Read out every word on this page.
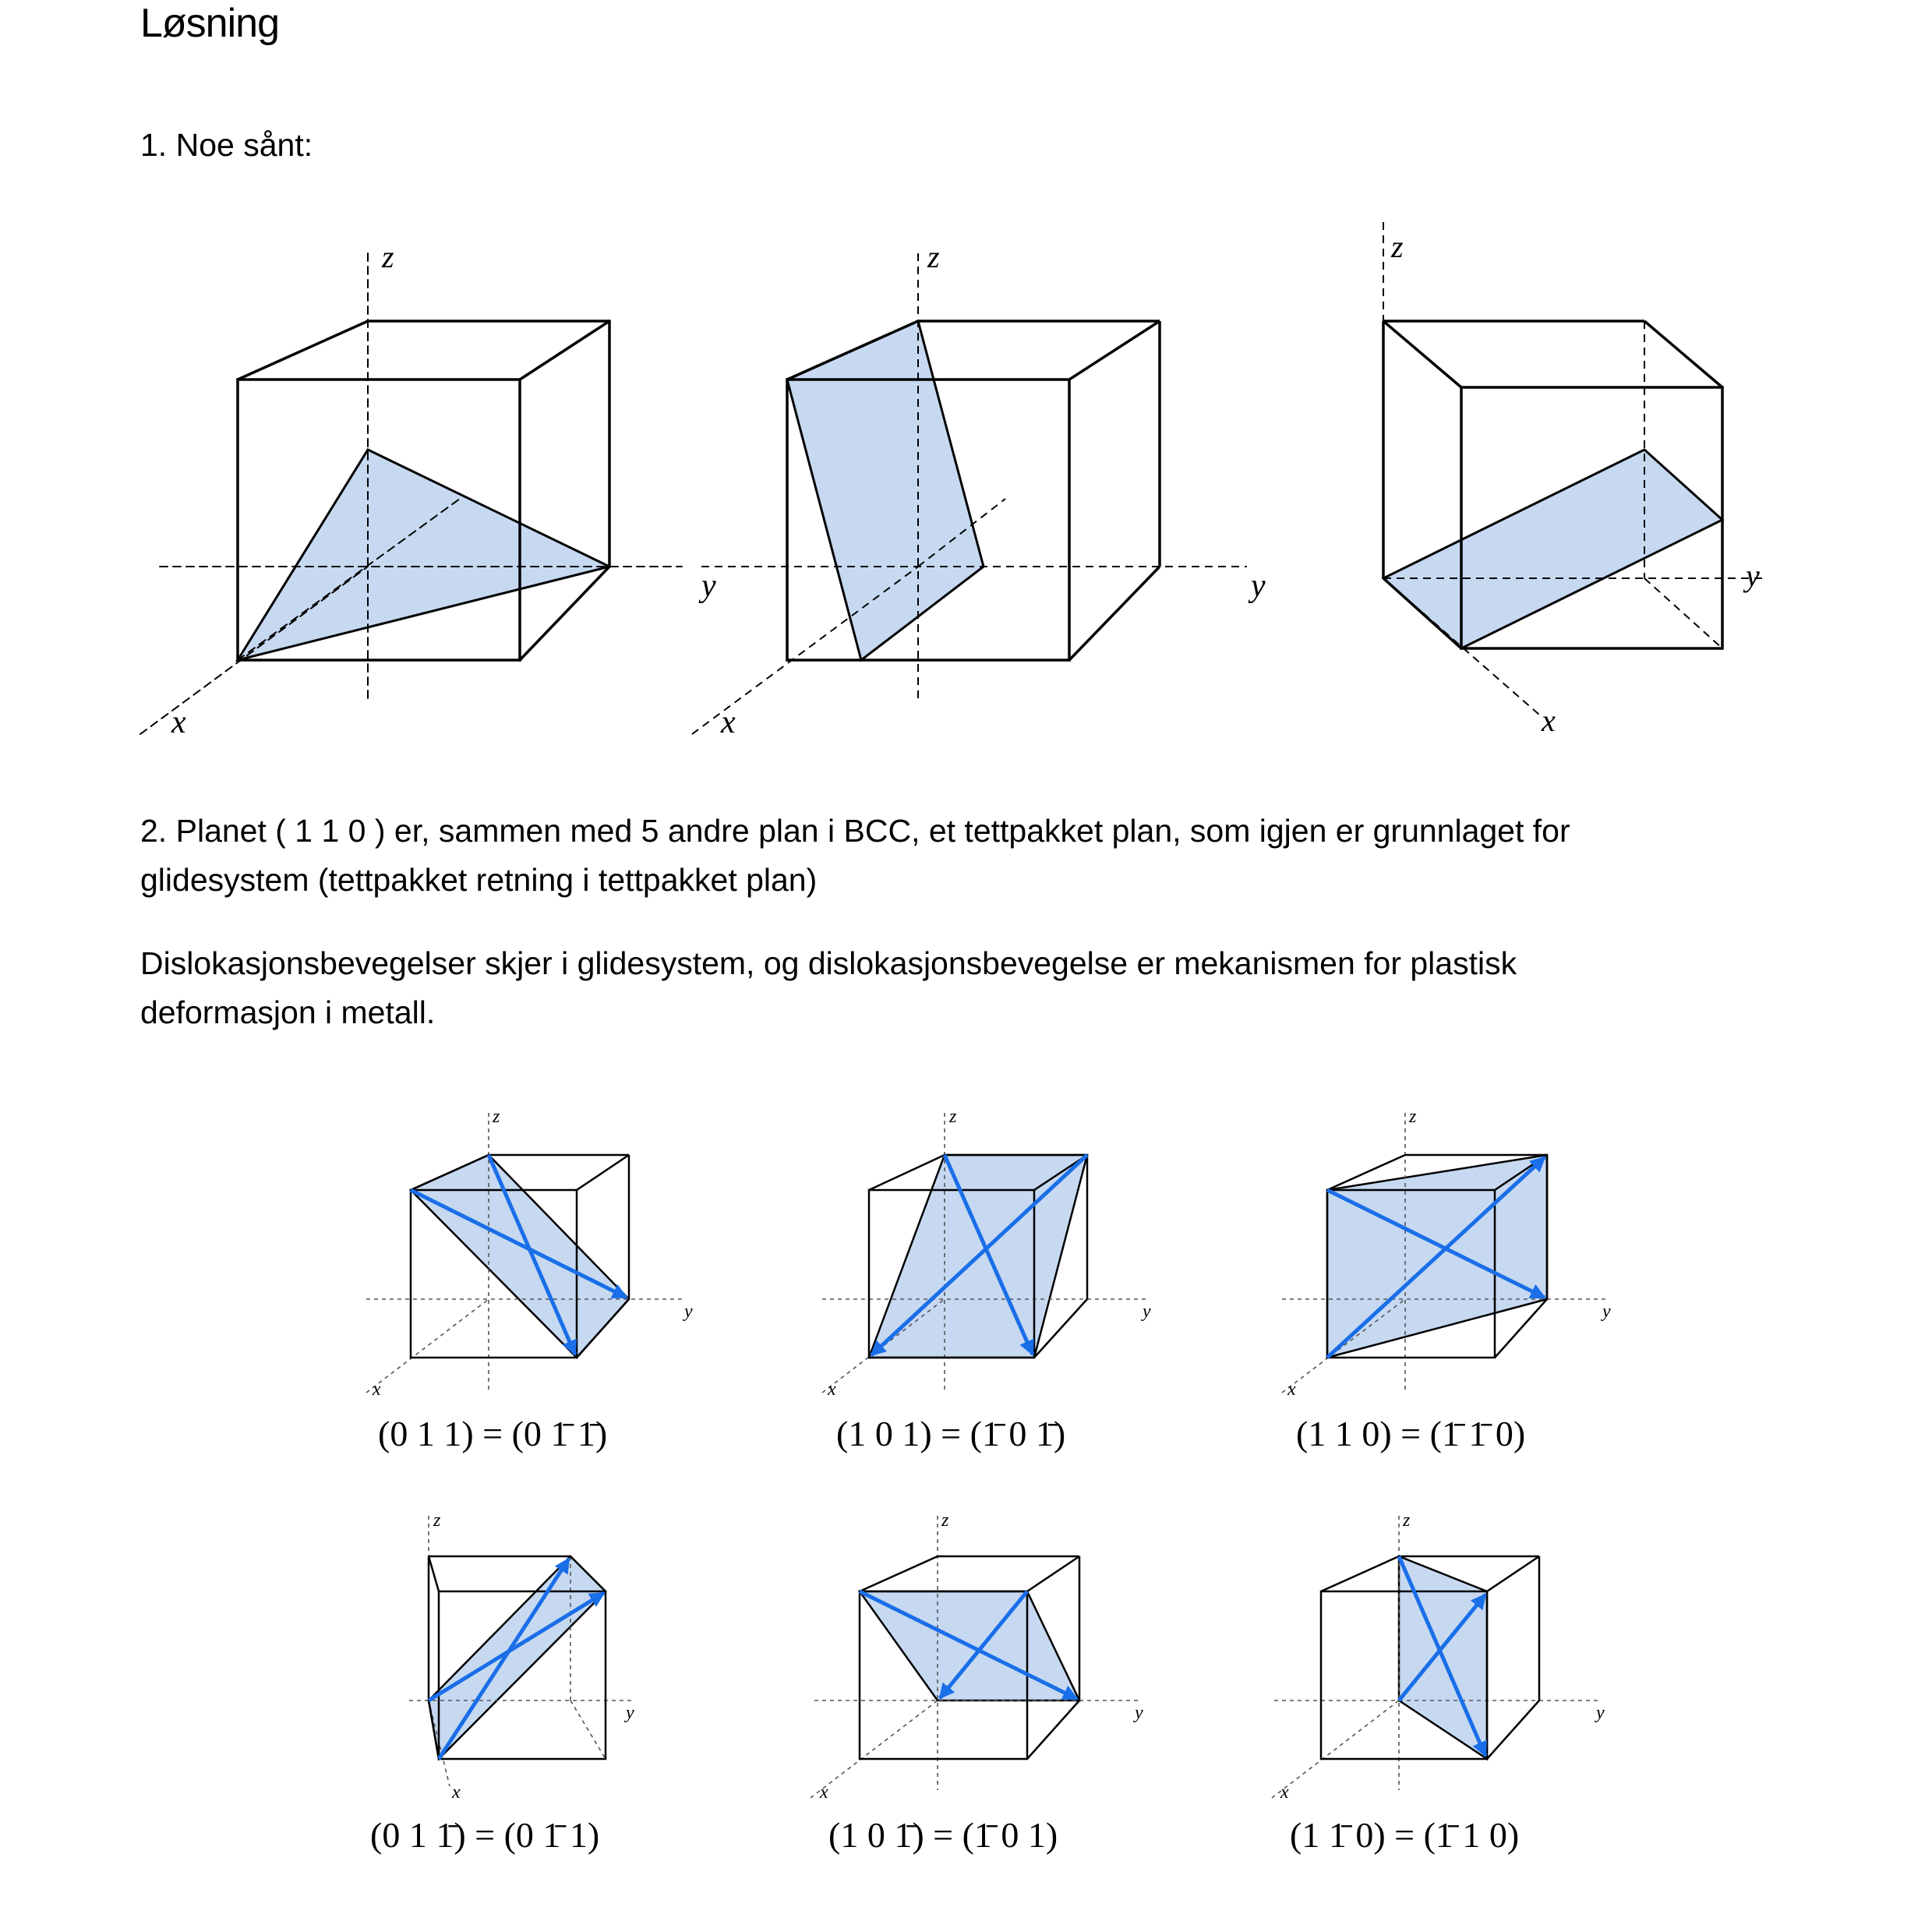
Løsning

1. Noe sånt:

2. Planet ( 1 1 0 ) er, sammen med 5 andre plan i BCC, et tettpakket plan, som igjen er grunnlaget for
glidesystem (tettpakket retning i tettpakket plan)

Dislokasjonsbevegelser skjer i glidesystem, og dislokasjonsbevegelse er mekanismen for plastisk
deformasjon i metall.

z
y
x
z
y
x
z
y
x
z
y
x
(0 1 1) = (0 1̄ 1̄)
z
y
x
(1 0 1) = (1̄ 0 1̄)
z
y
x
(1 1 0) = (1̄ 1̄ 0)
z
y
x
(0 1 1̄) = (0 1̄ 1)
z
y
x
(1 0 1̄) = (1̄ 0 1)
z
y
x
(1 1̄ 0) = (1̄ 1 0)
